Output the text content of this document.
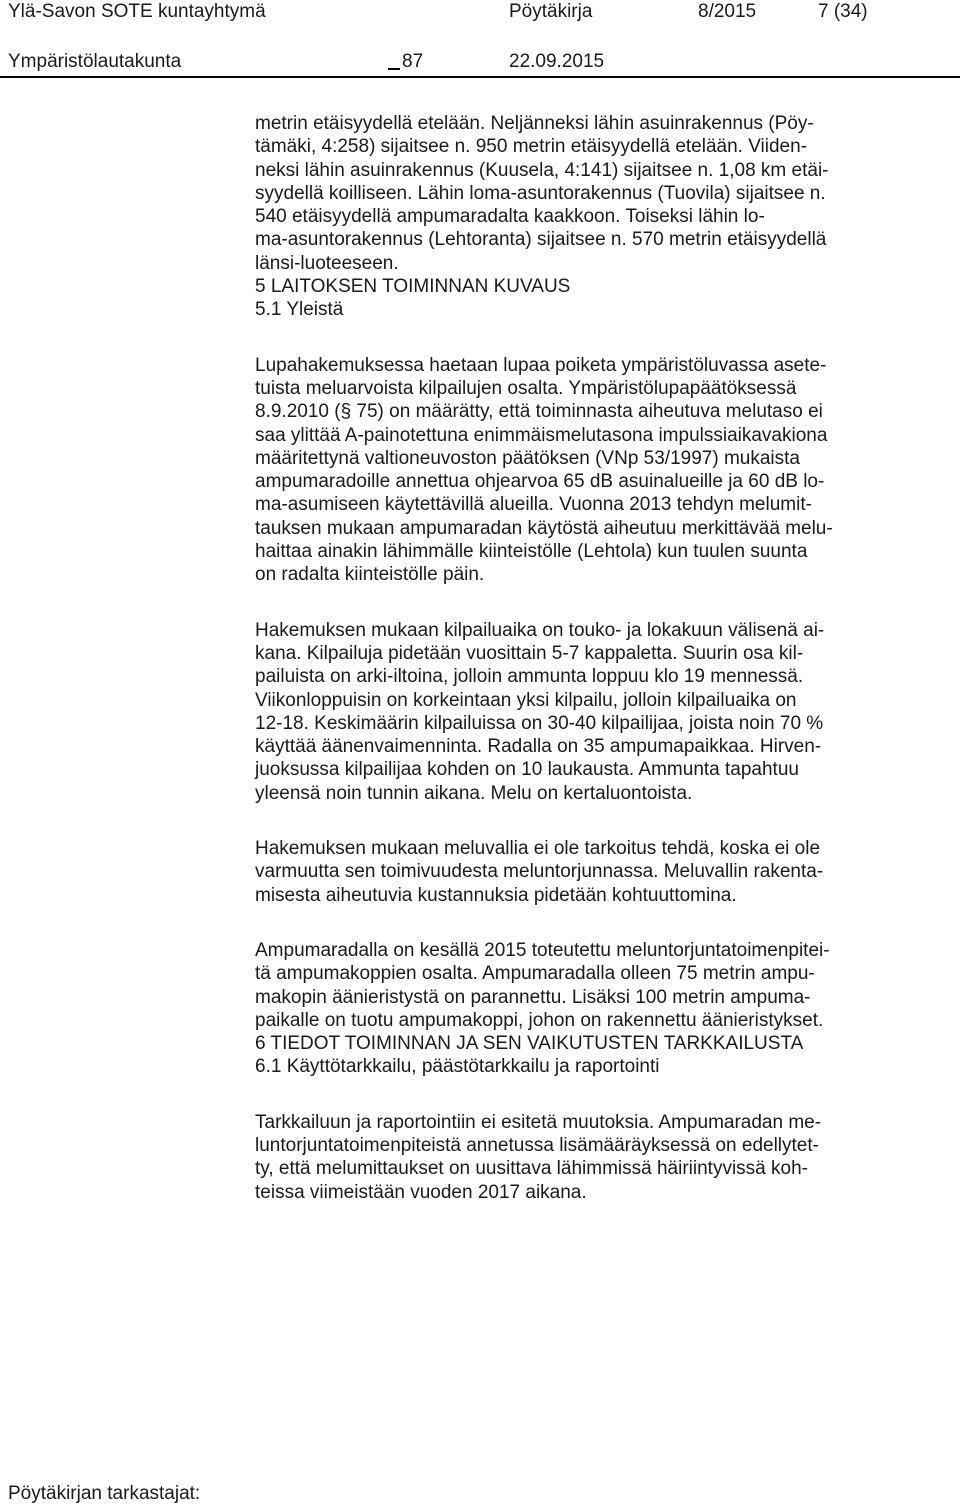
Ylä-Savon SOTE kuntayhtymä	Pöytäkirja	8/2015	7 (34)
Ympäristölautakunta	87	22.09.2015
metrin etäisyydellä etelään. Neljänneksi lähin asuinrakennus (Pöy-
tämäki, 4:258) sijaitsee n. 950 metrin etäisyydellä etelään. Viiden-
neksi lähin asuinrakennus (Kuusela, 4:141) sijaitsee n. 1,08 km etäi-
syydellä koilliseen. Lähin loma-asuntorakennus (Tuovila) sijaitsee n.
540 etäisyydellä ampumaradalta kaakkoon. Toiseksi lähin lo-
ma-asuntorakennus (Lehtoranta) sijaitsee n. 570 metrin etäisyydellä
länsi-luoteeseen.
5 LAITOKSEN TOIMINNAN KUVAUS
5.1 Yleistä
Lupahakemuksessa haetaan lupaa poiketa ympäristöluvassa asete-
tuista meluarvoista kilpailujen osalta. Ympäristölupapäätöksessä
8.9.2010 (§ 75) on määrätty, että toiminnasta aiheutuva melutaso ei
saa ylittää A-painotettuna enimmäismelutasona impulssiaikavakiona
määritettynä valtioneuvoston päätöksen (VNp 53/1997) mukaista
ampumaradoille annettua ohjearvoa 65 dB asuinalueille ja 60 dB lo-
ma-asumiseen käytettävillä alueilla. Vuonna 2013 tehdyn melumit-
tauksen mukaan ampumaradan käytöstä aiheutuu merkittävää melu-
haittaa ainakin lähimmälle kiinteistölle (Lehtola) kun tuulen suunta
on radalta kiinteistölle päin.
Hakemuksen mukaan kilpailuaika on touko- ja lokakuun välisenä ai-
kana. Kilpailuja pidetään vuosittain 5-7 kappaletta. Suurin osa kil-
pailuista on arki-iltoina, jolloin ammunta loppuu klo 19 mennessä.
Viikonloppuisin on korkeintaan yksi kilpailu, jolloin kilpailuaika on
12-18. Keskimäärin kilpailuissa on 30-40 kilpailijaa, joista noin 70 %
käyttää äänenvaimenninta. Radalla on 35 ampumapaikkaa. Hirven-
juoksussa kilpailijaa kohden on 10 laukausta. Ammunta tapahtuu
yleensä noin tunnin aikana. Melu on kertaluontoista.
Hakemuksen mukaan meluvallia ei ole tarkoitus tehdä, koska ei ole
varmuutta sen toimivuudesta meluntorjunnassa. Meluvallin rakenta-
misesta aiheutuvia kustannuksia pidetään kohtuuttomina.
Ampumaradalla on kesällä 2015 toteutettu meluntorjuntatoimenpitei-
tä ampumakoppien osalta. Ampumaradalla olleen 75 metrin ampu-
makopin äänieristystä on parannettu. Lisäksi 100 metrin ampuma-
paikalle on tuotu ampumakoppi, johon on rakennettu äänieristykset.
6 TIEDOT TOIMINNAN JA SEN VAIKUTUSTEN TARKKAILUSTA
6.1 Käyttötarkkailu, päästötarkkailu ja raportointi
Tarkkailuun ja raportointiin ei esitetä muutoksia. Ampumaradan me-
luntorjuntatoimenpiteistä annetussa lisämääräyksessä on edellytet-
ty, että melumittaukset on uusittava lähimmissä häiriintyvissä koh-
teissa viimeistään vuoden 2017 aikana.
Pöytäkirjan tarkastajat:
